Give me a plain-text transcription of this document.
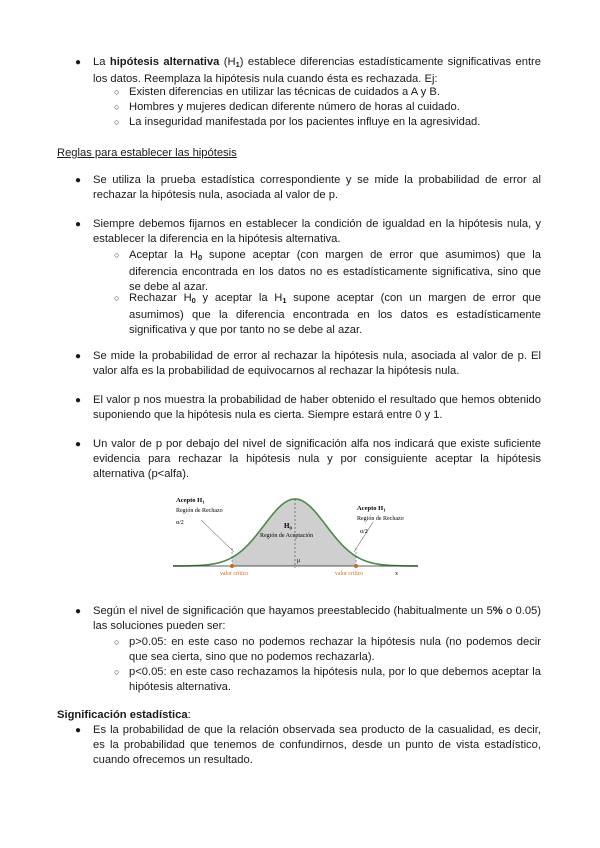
● La hipótesis alternativa $(H_1)$ establece diferencias estadísticamente significativas entre los datos. Reemplaza la hipótesis nula cuando ésta es rechazada. Ej:
○ Existen diferencias en utilizar las técnicas de cuidados a A y B.
○ Hombres y mujeres dedican diferente número de horas al cuidado.
○ La inseguridad manifestada por los pacientes influye en la agresividad.
Reglas para establecer las hipótesis
● Se utiliza la prueba estadística correspondiente y se mide la probabilidad de error al rechazar la hipótesis nula, asociada al valor de p.
● Siempre debemos fijarnos en establecer la condición de igualdad en la hipótesis nula, y establecer la diferencia en la hipótesis alternativa.
○ Aceptar la $H_0$ supone aceptar (con margen de error que asumimos) que la diferencia encontrada en los datos no es estadísticamente significativa, sino que se debe al azar.
○ Rechazar $H_0$ y aceptar la $H_1$ supone aceptar (con un margen de error que asumimos) que la diferencia encontrada en los datos es estadísticamente significativa y que por tanto no se debe al azar.
● Se mide la probabilidad de error al rechazar la hipótesis nula, asociada al valor de p. El valor alfa es la probabilidad de equivocarnos al rechazar la hipótesis nula.
● El valor p nos muestra la probabilidad de haber obtenido el resultado que hemos obtenido suponiendo que la hipótesis nula es cierta. Siempre estará entre 0 y 1.
● Un valor de p por debajo del nivel de significación alfa nos indicará que existe suficiente evidencia para rechazar la hipótesis nula y por consiguiente aceptar la hipótesis alternativa (p<alfa).
Acepto $H_1$
Región de Rechazo
α/2
Acepto $H_1$
Región de Rechazo
α/2
$H_0$
Región de Aceptación
μ
x
valor crítico	valor crítico
● Según el nivel de significación que hayamos preestablecido (habitualmente un 5% o 0.05) las soluciones pueden ser:
○ p>0.05: en este caso no podemos rechazar la hipótesis nula (no podemos decir que sea cierta, sino que no podemos rechazarla).
○ p<0.05: en este caso rechazamos la hipótesis nula, por lo que debemos aceptar la hipótesis alternativa.
Significación estadística:
● Es la probabilidad de que la relación observada sea producto de la casualidad, es decir, es la probabilidad que tenemos de confundirnos, desde un punto de vista estadístico, cuando ofrecemos un resultado.
